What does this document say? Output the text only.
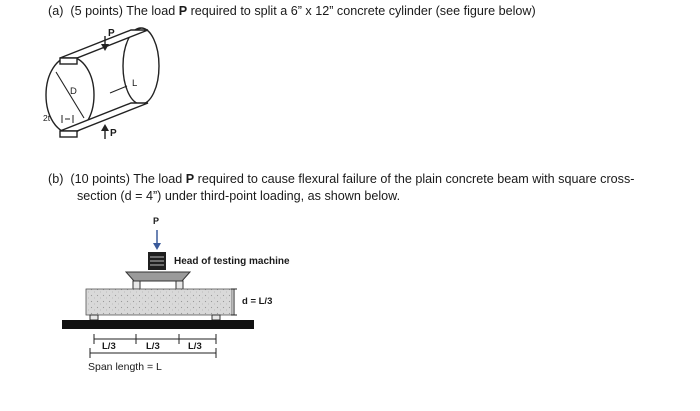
(a) (5 points) The load P required to split a 6” x 12” concrete cylinder (see figure below)
P
P
D
L
2t
(b) (10 points) The load P required to cause flexural failure of the plain concrete beam with square cross-
section (d = 4”) under third-point loading, as shown below.
P
Head of testing machine
d = L/3
L/3	L/3	L/3
Span length = L
